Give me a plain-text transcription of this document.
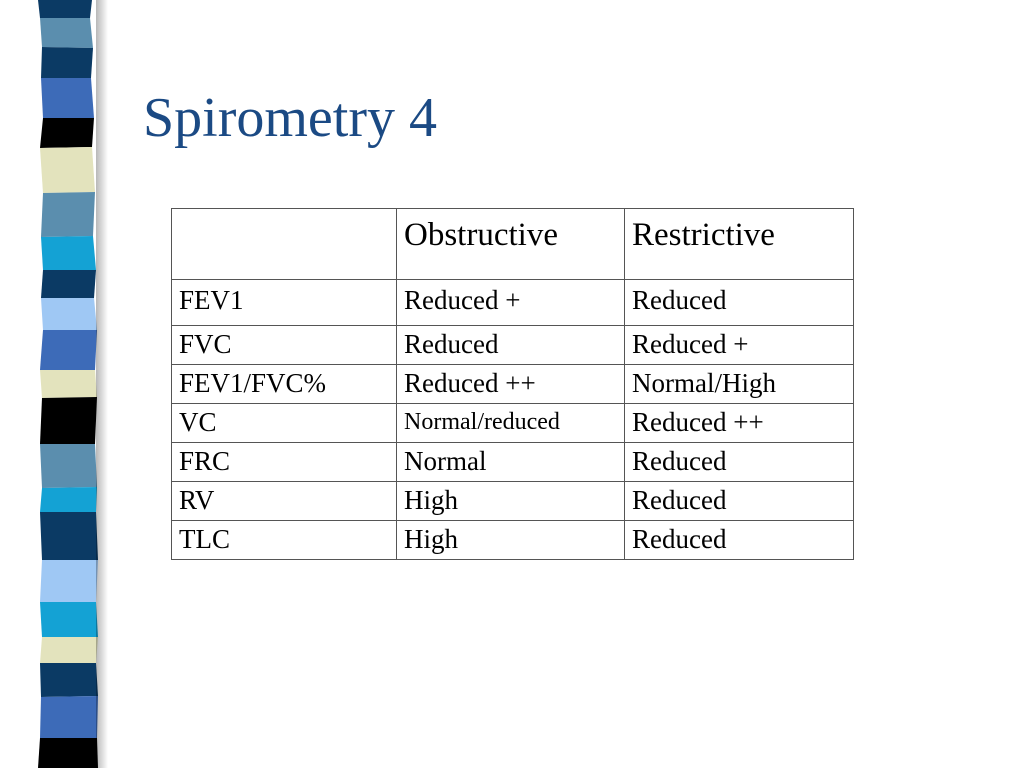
Spirometry 4
	Obstructive	Restrictive
FEV1	Reduced +	Reduced
FVC	Reduced	Reduced +
FEV1/FVC%	Reduced ++	Normal/High
VC	Normal/reduced	Reduced ++
FRC	Normal	Reduced
RV	High	Reduced
TLC	High	Reduced
